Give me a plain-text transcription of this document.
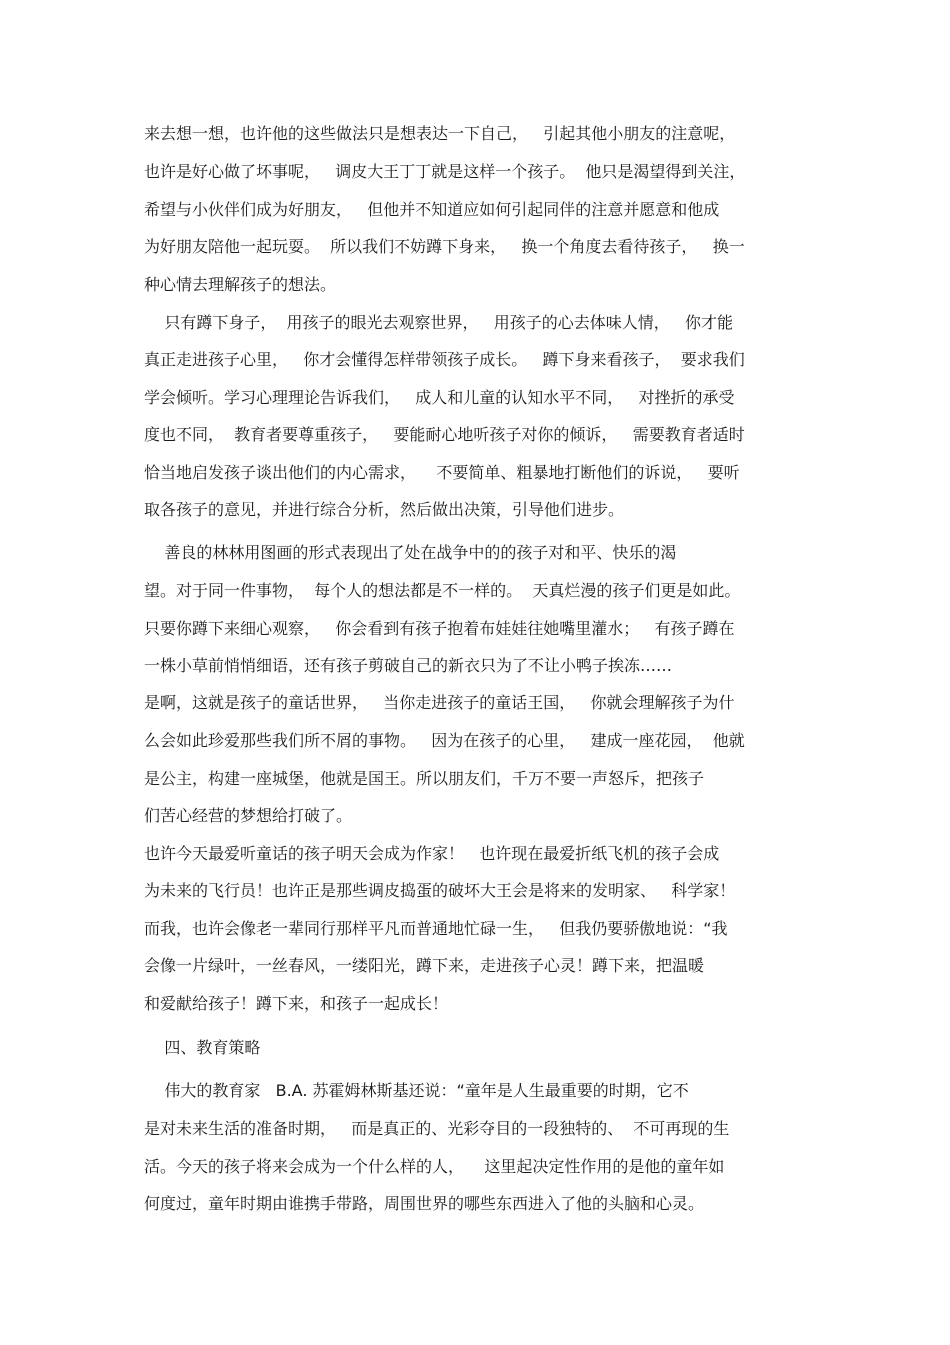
来去想一想，也许他的这些做法只是想表达一下自己，   引起其他小朋友的注意呢，
也许是好心做了坏事呢，   调皮大王丁丁就是这样一个孩子。  他只是渴望得到关注，
希望与小伙伴们成为好朋友，   但他并不知道应如何引起同伴的注意并愿意和他成
为好朋友陪他一起玩耍。  所以我们不妨蹲下身来，   换一个角度去看待孩子，   换一
种心情去理解孩子的想法。
只有蹲下身子，  用孩子的眼光去观察世界，   用孩子的心去体味人情，   你才能
真正走进孩子心里，   你才会懂得怎样带领孩子成长。   蹲下身来看孩子，  要求我们
学会倾听。学习心理理论告诉我们，   成人和儿童的认知水平不同，   对挫折的承受
度也不同，  教育者要尊重孩子，   要能耐心地听孩子对你的倾诉，   需要教育者适时
恰当地启发孩子谈出他们的内心需求，    不要简单、粗暴地打断他们的诉说，   要听
取各孩子的意见，并进行综合分析，然后做出决策，引导他们进步。
善良的林林用图画的形式表现出了处在战争中的的孩子对和平、快乐的渴
望。对于同一件事物，  每个人的想法都是不一样的。  天真烂漫的孩子们更是如此。
只要你蹲下来细心观察，   你会看到有孩子抱着布娃娃往她嘴里灌水；   有孩子蹲在
一株小草前悄悄细语，还有孩子剪破自己的新衣只为了不让小鸭子挨冻……
是啊，这就是孩子的童话世界，   当你走进孩子的童话王国，   你就会理解孩子为什
么会如此珍爱那些我们所不屑的事物。   因为在孩子的心里，   建成一座花园，  他就
是公主，构建一座城堡，他就是国王。所以朋友们，千万不要一声怒斥，把孩子
们苦心经营的梦想给打破了。
也许今天最爱听童话的孩子明天会成为作家！   也许现在最爱折纸飞机的孩子会成
为未来的飞行员！也许正是那些调皮捣蛋的破坏大王会是将来的发明家、   科学家！
而我，也许会像老一辈同行那样平凡而普通地忙碌一生，   但我仍要骄傲地说：“我
会像一片绿叶，一丝春风，一缕阳光，蹲下来，走进孩子心灵！蹲下来，把温暖
和爱献给孩子！蹲下来，和孩子一起成长！
四、教育策略
伟大的教育家   B.A. 苏霍姆林斯基还说：“童年是人生最重要的时期，它不
是对未来生活的准备时期，   而是真正的、光彩夺目的一段独特的、  不可再现的生
活。今天的孩子将来会成为一个什么样的人，    这里起决定性作用的是他的童年如
何度过，童年时期由谁携手带路，周围世界的哪些东西进入了他的头脑和心灵。
